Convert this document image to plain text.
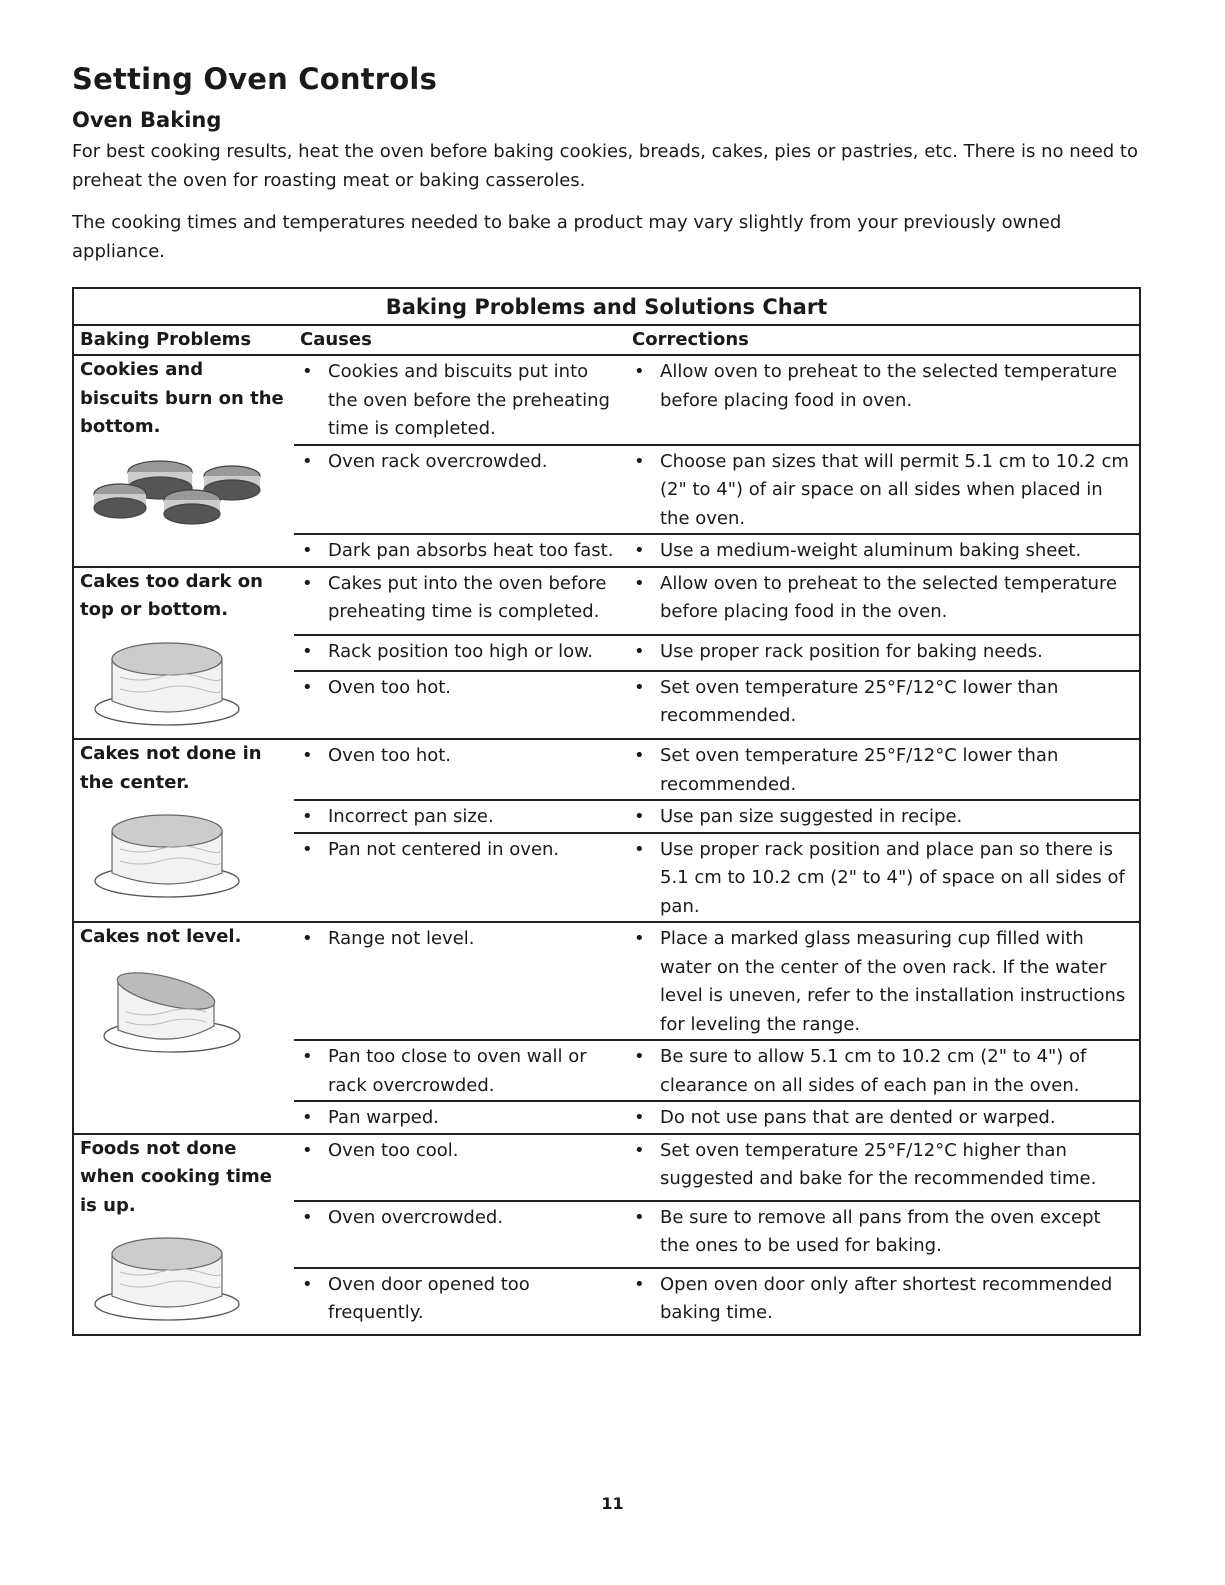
Setting Oven Controls
Oven Baking

For best cooking results, heat the oven before baking cookies, breads, cakes, pies or pastries, etc. There is no need to preheat the oven for roasting meat or baking casseroles.

The cooking times and temperatures needed to bake a product may vary slightly from your previously owned appliance.

Baking Problems and Solutions Chart		
Baking Problems	Causes	Corrections

Cookies and biscuits burn on the bottom.	• Cookies and biscuits put into the oven before the preheating time is completed.	• Allow oven to preheat to the selected temperature before placing food in oven.

	• Oven rack overcrowded.	• Choose pan sizes that will permit 5.1 cm to 10.2 cm (2" to 4") of air space on all sides when placed in the oven.

	• Dark pan absorbs heat too fast.	• Use a medium-weight aluminum baking sheet.

Cakes too dark on top or bottom.	• Cakes put into the oven before preheating time is completed.	• Allow oven to preheat to the selected temperature before placing food in the oven.

	• Rack position too high or low.	• Use proper rack position for baking needs.

	• Oven too hot.	• Set oven temperature 25°F/12°C lower than recommended.

Cakes not done in the center.	• Oven too hot.	• Set oven temperature 25°F/12°C lower than recommended.

	• Incorrect pan size.	• Use pan size suggested in recipe.

	• Pan not centered in oven.	• Use proper rack position and place pan so there is 5.1 cm to 10.2 cm (2" to 4") of space on all sides of pan.

Cakes not level.	• Range not level.	• Place a marked glass measuring cup filled with water on the center of the oven rack. If the water level is uneven, refer to the installation instructions for leveling the range.

	• Pan too close to oven wall or rack overcrowded.	• Be sure to allow 5.1 cm to 10.2 cm (2" to 4") of clearance on all sides of each pan in the oven.

	• Pan warped.	• Do not use pans that are dented or warped.

Foods not done when cooking time is up.	• Oven too cool.	• Set oven temperature 25°F/12°C higher than suggested and bake for the recommended time.

	• Oven overcrowded.	• Be sure to remove all pans from the oven except the ones to be used for baking.

	• Oven door opened too frequently.	• Open oven door only after shortest recommended baking time.
11
